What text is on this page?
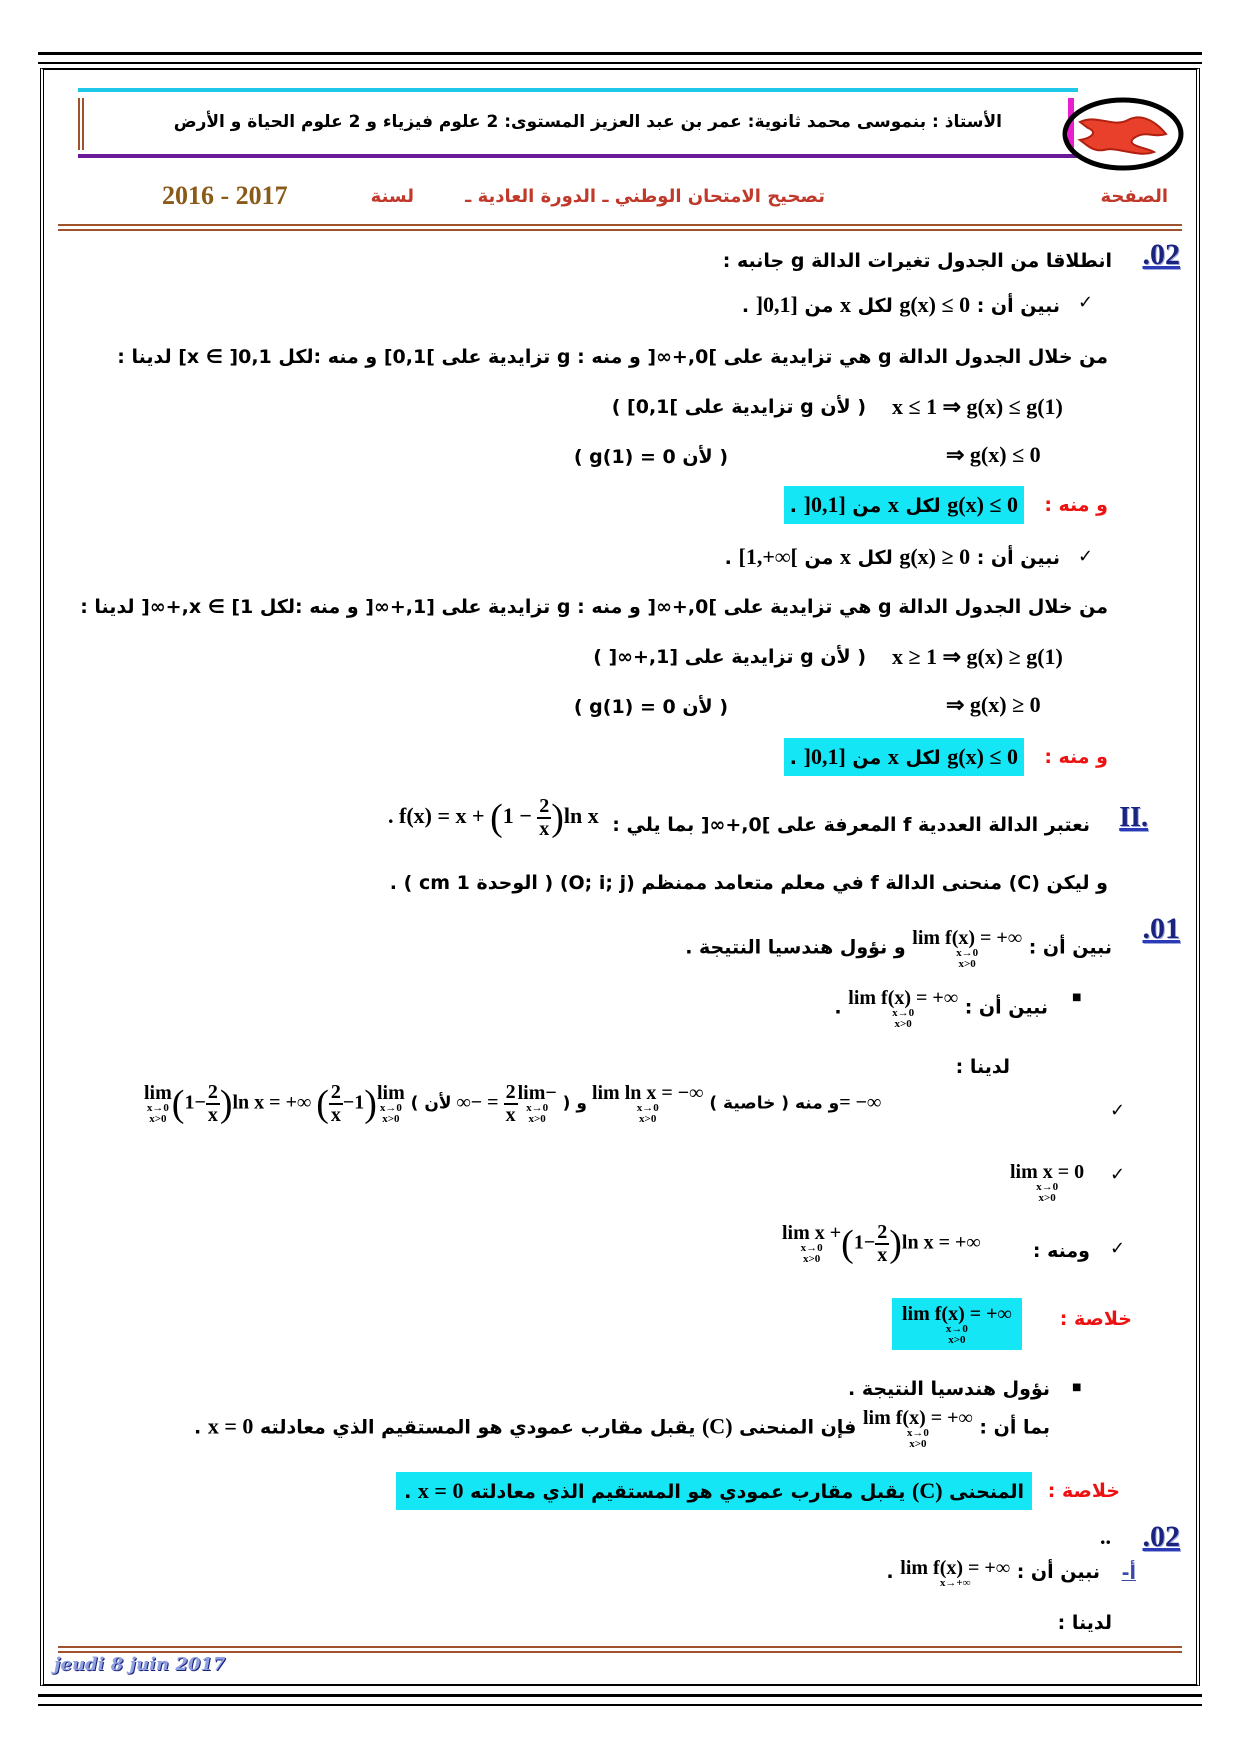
الأستاذ : بنموسى محمد ثانوية: عمر بن عبد العزيز المستوى: 2 علوم فيزياء و 2 علوم الحياة و الأرض
الصفحة
تصحيح الامتحان الوطني ـ الدورة العادية ـ
لسنة
2016 - 2017
.02
انطلاقا من الجدول تغيرات الدالة g جانبه :
✓
نبين أن : g(x) ≤ 0 لكل x من ]0,1] .
من خلال الجدول الدالة g هي تزايدية على ]0,+∞[ و منه : g تزايدية على ]0,1] و منه :لكل x ∈ ]0,1] لدينا :
x ≤ 1 ⇒ g(x) ≤ g(1)
( لأن g تزايدية على ]0,1] )
⇒ g(x) ≤ 0
( لأن g(1) = 0 )
و منه :
g(x) ≤ 0 لكل x من ]0,1] .
✓
نبين أن : g(x) ≥ 0 لكل x من [1,+∞[ .
من خلال الجدول الدالة g هي تزايدية على ]0,+∞[ و منه : g تزايدية على [1,+∞[ و منه :لكل x ∈ [1,+∞[ لدينا :
x ≥ 1 ⇒ g(x) ≥ g(1)
( لأن g تزايدية على [1,+∞[ )
⇒ g(x) ≥ 0
( لأن g(1) = 0 )
و منه :
g(x) ≤ 0 لكل x من ]0,1] .
II.
نعتبر الدالة العددية f المعرفة على ]0,+∞[ بما يلي :
. $f(x) = x + (1 - \frac{2}{x} )\ln$ x
و ليكن (C) منحنى الدالة f في معلم متعامد ممنظم (O; i; j) ( الوحدة 1 cm ) .
.01
نبين أن : lim f(x) = +∞
x→0
x>0
و نؤول هندسيا النتيجة .
■
نبين أن : lim f(x) = +∞
x→0
x>0
.
لدينا :
✓
lim
x→0
x>0 $(1- \frac{2}{x} )\ln$ x = +∞	و منه ( خاصية ) lim ln x = −∞
x→0
x>0
و ( lim−
x→0
x>0
$\frac{2}{x}$
= −∞ لأن ) lim
x→0
x>0
(1−
$\frac{2}{x}$
)	= −∞
✓
lim x = 0
x→0
x>0
✓
ومنه :
lim x +
x→0
x>0 $(1- \frac{2}{x} )\ln$ x = +∞
خلاصة :
lim f(x) = +∞
x→0
x>0
■
نؤول هندسيا النتيجة .
بما أن : lim f(x) = +∞
x→0
x>0
فإن المنحنى (C) يقبل مقارب عمودي هو المستقيم الذي معادلته x = 0 .
خلاصة :
المنحنى (C) يقبل مقارب عمودي هو المستقيم الذي معادلته x = 0 .
.02
..
أ-
نبين أن : lim f(x) = +∞
x→+∞
.
لدينا :
jeudi 8 juin 2017
